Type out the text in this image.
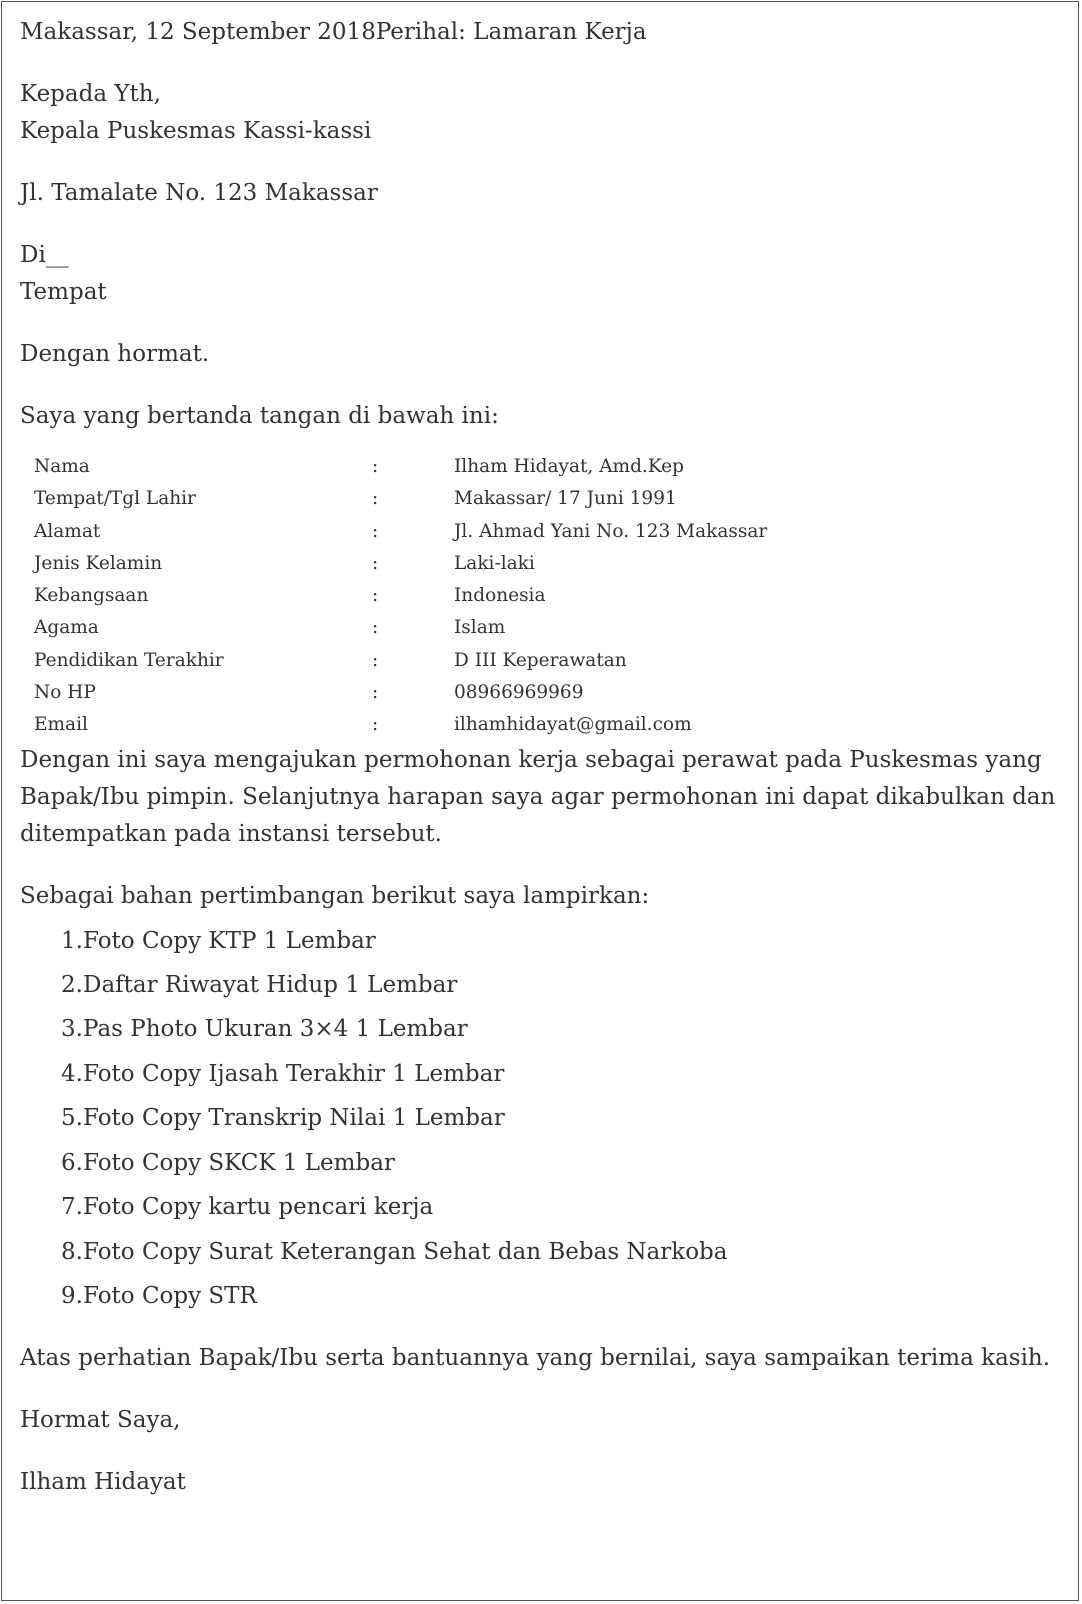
Makassar, 12 September 2018Perihal: Lamaran Kerja
Kepada Yth,
Kepala Puskesmas Kassi-kassi
Jl. Tamalate No. 123 Makassar
Di__
Tempat
Dengan hormat.
Saya yang bertanda tangan di bawah ini:
Nama	:	Ilham Hidayat, Amd.Kep
Tempat/Tgl Lahir	:	Makassar/ 17 Juni 1991
Alamat	:	Jl. Ahmad Yani No. 123 Makassar
Jenis Kelamin	:	Laki-laki
Kebangsaan	:	Indonesia
Agama	:	Islam
Pendidikan Terakhir	:	D III Keperawatan
No HP	:	08966969969
Email	:	ilhamhidayat@gmail.com
Dengan ini saya mengajukan permohonan kerja sebagai perawat pada Puskesmas yang
Bapak/Ibu pimpin. Selanjutnya harapan saya agar permohonan ini dapat dikabulkan dan
ditempatkan pada instansi tersebut.
Sebagai bahan pertimbangan berikut saya lampirkan:
1. Foto Copy KTP 1 Lembar
2. Daftar Riwayat Hidup 1 Lembar
3. Pas Photo Ukuran 3×4 1 Lembar
4. Foto Copy Ijasah Terakhir 1 Lembar
5. Foto Copy Transkrip Nilai 1 Lembar
6. Foto Copy SKCK 1 Lembar
7. Foto Copy kartu pencari kerja
8. Foto Copy Surat Keterangan Sehat dan Bebas Narkoba
9. Foto Copy STR
Atas perhatian Bapak/Ibu serta bantuannya yang bernilai, saya sampaikan terima kasih.
Hormat Saya,
Ilham Hidayat
